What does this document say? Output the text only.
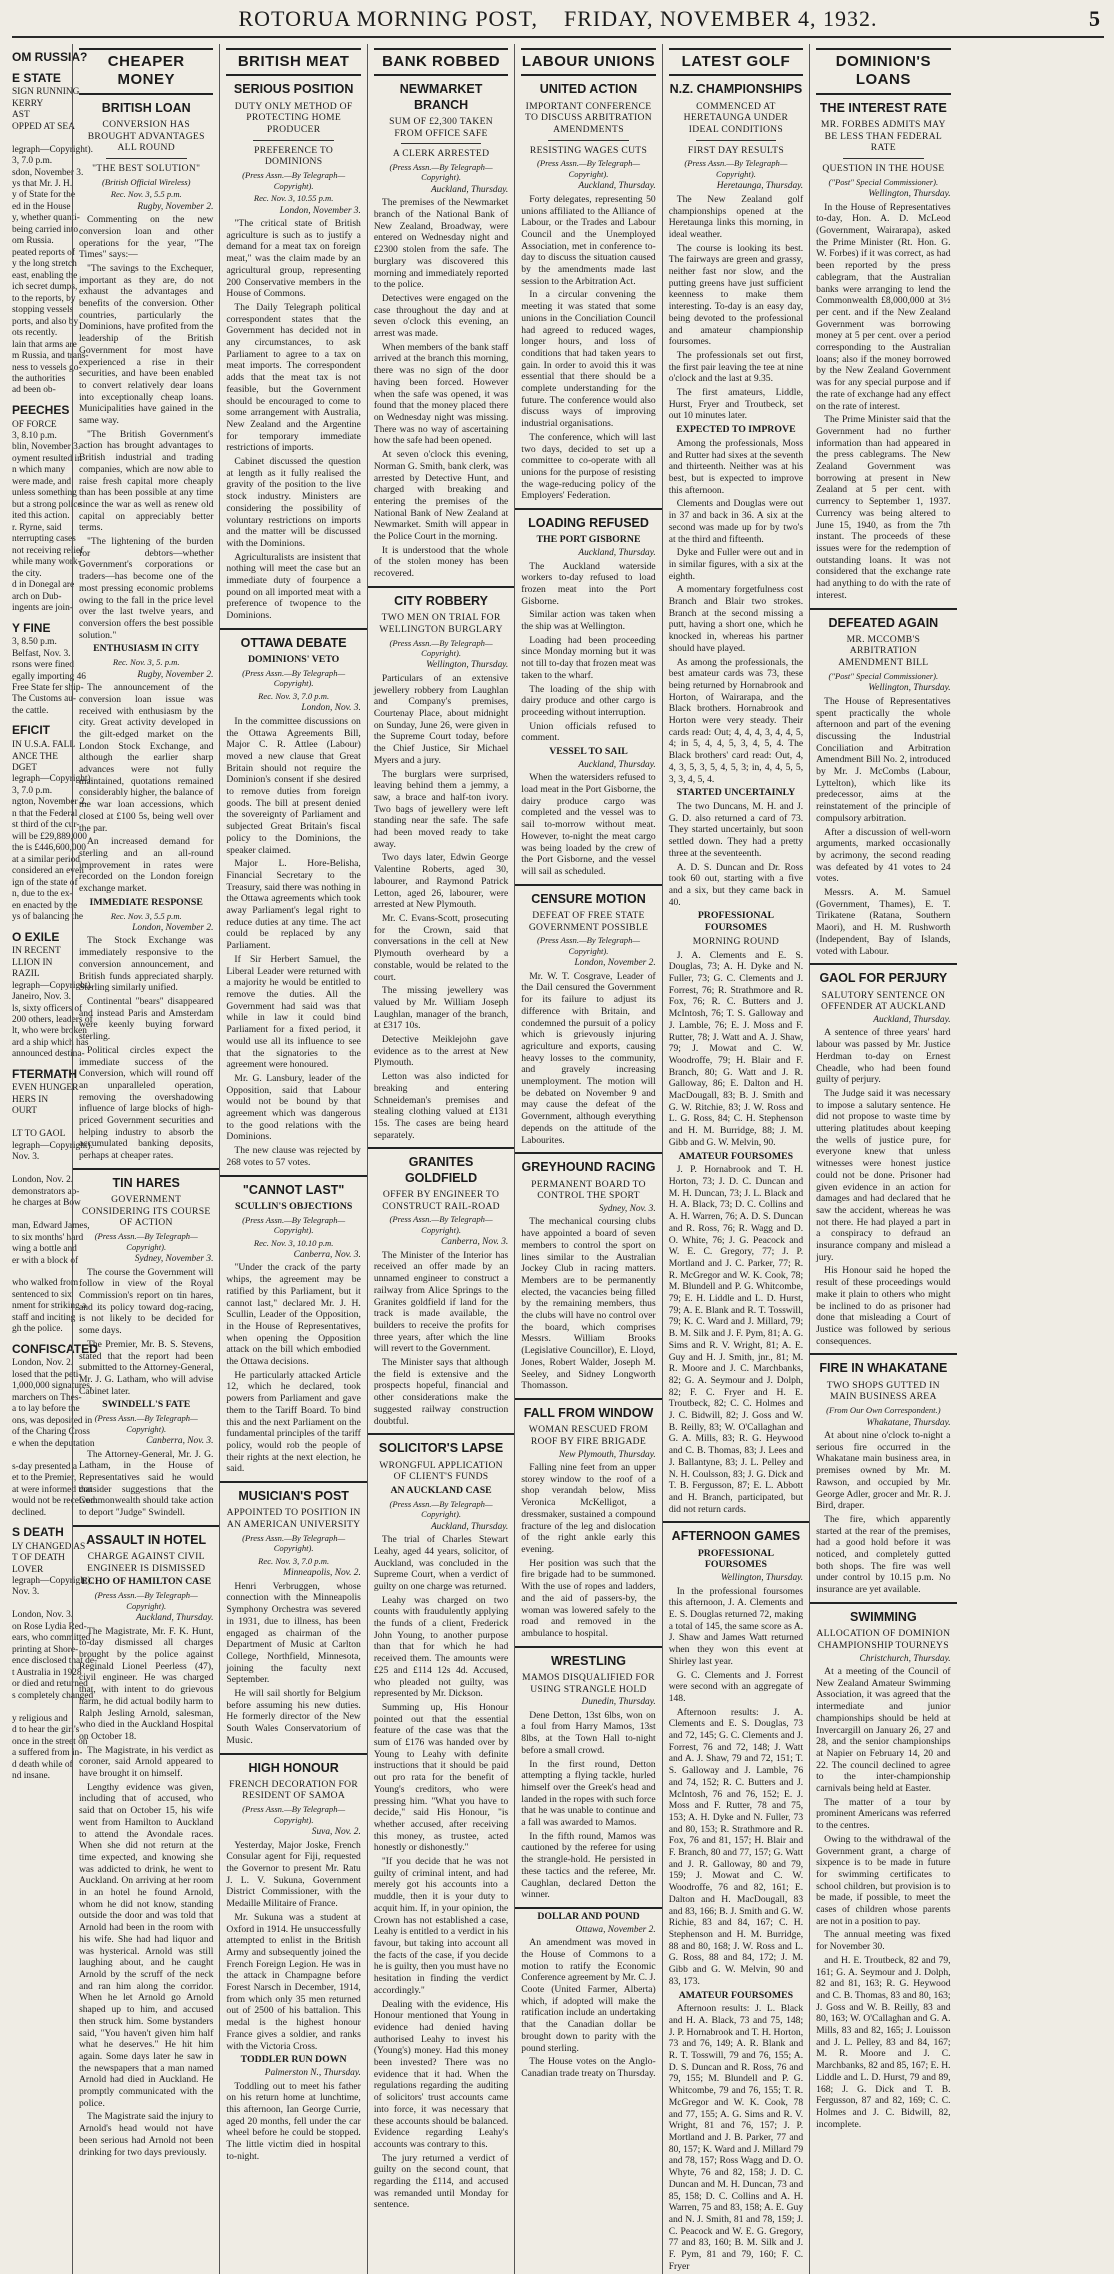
ROTORUA MORNING POST, FRIDAY, NOVEMBER 4, 1932.	5
OM RUSSIA?
E STATE
SIGN RUNNING
KERRY
AST
OPPED AT SEA

legraph—Copyright).
3, 7.0 p.m.
sdon, November 3.
ys that Mr. J. H.
y of State for the
ed in the House
y, whether quanti-
being carried into
om Russia.
peated reports of
y the long stretch
east, enabling the
ich secret dumps,
to the reports, by
stopping vessels
ports, and also by
ots recently.
lain that arms are
m Russia, and trans-
ness to vessels go-
the authorities
ad been ob-
PEECHES
OF FORCE
3, 8.10 p.m.
blin, November 3.
oyment resulted in
n which many
were made, and
unless something
but a strong police
ited this action.
r. Ryrne, said
nterrupting cases
not receiving relief
while many work-
the city.
d in Donegal are
arch on Dub-
ingents are join-
Y FINE
3, 8.50 p.m.
Belfast, Nov. 3.
rsons were fined
egally importing 46
Free State fer ship-
The Customs au-
the cattle.
EFICIT
IN U.S.A. FALL
ANCE THE
DGET
legraph—Copyright).
3, 7.0 p.m.
ngton, November 2.
n that the Federal
st third of the cur-
will be £29,889,000
the is £446,600,000
at a similar period
considered an even
ign of the state of
n, due to the ex-
en enacted by the
ys of balancing the
O EXILE
IN RECENT
LLION IN
RAZIL
legraph—Copyright).
Janeiro, Nov. 3.
ls, sixty officers of
200 others, leaders of
lt, who were broken
ard a ship which has
announced destina-
FTERMATH
EVEN HUNGER
HERS IN
OURT

LT TO GAOL
legraph—Copyright).
Nov. 3.

London, Nov. 2.
demonstrators ap-
he charges at Bow

man, Edward James,
to six months' hard
wing a bottle and
er with a block of

who walked from
sentenced to six
nment for striking a
staff and inciting
gh the police.
CONFISCATED
London, Nov. 2.
losed that the peti-
1,000,000 signatures,
marchers on Thes-
a to lay before the
ons, was deposited in
of the Charing Cross
e when the deputation

s-day presented a
et to the Premier,
at were informed that
would not be received.
declined.
S DEATH
LY CHANGED AS
T OF DEATH
LOVER
legraph—Copyright).
Nov. 3.

London, Nov. 3.
on Rose Lydia Red-
ears, who committed
printing at Shore-
ence disclosed that de-
t Australia in 1928
or died and returned
s completely changed

y religious and
d to hear the girl's
once in the street on
a suffered from in-
d death while of
nd insane.
CHEAPER MONEY
BRITISH LOAN
CONVERSION HAS BROUGHT ADVANTAGES ALL ROUND
"THE BEST SOLUTION"
(British Official Wireless)
Rec. Nov. 3, 5.5 p.m.
Rugby, November 2.

Commenting on the new conversion loan and other operations for the year, "The Times" says:—

"The savings to the Exchequer, important as they are, do not exhaust the advantages and benefits of the conversion. Other countries, particularly the Dominions, have profited from the leadership of the British Government for most have experienced a rise in their securities, and have been enabled to convert relatively dear loans into exceptionally cheap loans. Municipalities have gained in the same way.

"The British Government's action has brought advantages to British industrial and trading companies, which are now able to raise fresh capital more cheaply than has been possible at any time since the war as well as renew old capital on appreciably better terms.

"The lightening of the burden for debtors—whether Government's corporations or traders—has become one of the most pressing economic problems owing to the fall in the price level over the last twelve years, and conversion offers the best possible solution."

ENTHUSIASM IN CITY
Rec. Nov. 3, 5. p.m.
Rugby, November 2.

The announcement of the conversion loan issue was received with enthusiasm by the city. Great activity developed in the gilt-edged market on the London Stock Exchange, and although the earlier sharp advances were not fully maintained, quotations remained considerably higher, the balance of the war loan accessions, which closed at £100 5s, being well over the par.

An increased demand for sterling and an all-round improvement in rates were recorded on the London foreign exchange market.

IMMEDIATE RESPONSE
Rec. Nov. 3, 5.5 p.m.
London, November 2.

The Stock Exchange was immediately responsive to the conversion announcement, and British funds appreciated sharply. Sterling similarly unified.

Continental "bears" disappeared and instead Paris and Amsterdam were keenly buying forward sterling.

Political circles expect the immediate success of the Conversion, which will round off an unparalleled operation, removing the overshadowing influence of large blocks of high-priced Government securities and helping industry to absorb the accumulated banking deposits, perhaps at cheaper rates.

TIN HARES
GOVERNMENT CONSIDERING ITS COURSE OF ACTION
(Press Assn.—By Telegraph—Copyright).
Sydney, November 3.

The course the Government will follow in view of the Royal Commission's report on tin hares, and its policy toward dog-racing, is not likely to be decided for some days.

The Premier, Mr. B. S. Stevens, stated that the report had been submitted to the Attorney-General, Mr. J. G. Latham, who will advise Cabinet later.

SWINDELL'S FATE
(Press Assn.—By Telegraph—Copyright).
Canberra, Nov. 3.

The Attorney-General, Mr. J. G. Latham, in the House of Representatives said he would consider suggestions that the Commonwealth should take action to deport "Judge" Swindell.

ASSAULT IN HOTEL
CHARGE AGAINST CIVIL ENGINEER IS DISMISSED
ECHO OF HAMILTON CASE
(Press Assn.—By Telegraph—Copyright).
Auckland, Thursday.

The Magistrate, Mr. F. K. Hunt, to-day dismissed all charges brought by the police against Reginald Lionel Peerless (47), civil engineer. He was charged that, with intent to do grievous harm, he did actual bodily harm to Ralph Jesling Arnold, salesman, who died in the Auckland Hospital on October 18.

The Magistrate, in his verdict as coroner, said Arnold appeared to have brought it on himself.

Lengthy evidence was given, including that of accused, who said that on October 15, his wife went from Hamilton to Auckland to attend the Avondale races. When she did not return at the time expected, and knowing she was addicted to drink, he went to Auckland. On arriving at her room in an hotel he found Arnold, whom he did not know, standing outside the door and was told that Arnold had been in the room with his wife. She had had liquor and was hysterical. Arnold was still laughing about, and he caught Arnold by the scruff of the neck and ran him along the corridor. When he let Arnold go Arnold shaped up to him, and accused then struck him. Some bystanders said, "You haven't given him half what he deserves." He hit him again. Some days later he saw in the newspapers that a man named Arnold had died in Auckland. He promptly communicated with the police.

The Magistrate said the injury to Arnold's head would not have been serious had Arnold not been drinking for two days previously.

BRITISH MEAT
SERIOUS POSITION
DUTY ONLY METHOD OF PROTECTING HOME PRODUCER
PREFERENCE TO DOMINIONS
(Press Assn.—By Telegraph—Copyright).
Rec. Nov. 3, 10.55 p.m.
London, November 3.

"The critical state of British agriculture is such as to justify a demand for a meat tax on foreign meat," was the claim made by an agricultural group, representing 200 Conservative members in the House of Commons.

The Daily Telegraph political correspondent states that the Government has decided not in any circumstances, to ask Parliament to agree to a tax on meat imports. The correspondent adds that the meat tax is not feasible, but the Government should be encouraged to come to some arrangement with Australia, New Zealand and the Argentine for temporary immediate restrictions of imports.

Cabinet discussed the question at length as it fully realised the gravity of the position to the live stock industry. Ministers are considering the possibility of voluntary restrictions on imports and the matter will be discussed with the Dominions.

Agriculturalists are insistent that nothing will meet the case but an immediate duty of fourpence a pound on all imported meat with a preference of twopence to the Dominions.

OTTAWA DEBATE
DOMINIONS' VETO
(Press Assn.—By Telegraph—Copyright).
Rec. Nov. 3, 7.0 p.m.
London, Nov. 3.

In the committee discussions on the Ottawa Agreements Bill, Major C. R. Attlee (Labour) moved a new clause that Great Britain should not require the Dominion's consent if she desired to remove duties from foreign goods. The bill at present denied the sovereignty of Parliament and subjected Great Britain's fiscal policy to the Dominions, the speaker claimed.

Major L. Hore-Belisha, Financial Secretary to the Treasury, said there was nothing in the Ottawa agreements which took away Parliament's legal right to reduce duties at any time. The act could be replaced by any Parliament.

If Sir Herbert Samuel, the Liberal Leader were returned with a majority he would be entitled to remove the duties. All the Government had said was that while in law it could bind Parliament for a fixed period, it would use all its influence to see that the signatories to the agreement were honoured.

Mr. G. Lansbury, leader of the Opposition, said that Labour would not be bound by that agreement which was dangerous to the good relations with the Dominions.

The new clause was rejected by 268 votes to 57 votes.

"CANNOT LAST"
SCULLIN'S OBJECTIONS
(Press Assn.—By Telegraph—Copyright).
Rec. Nov. 3, 10.10 p.m.
Canberra, Nov. 3.

"Under the crack of the party whips, the agreement may be ratified by this Parliament, but it cannot last," declared Mr. J. H. Scullin, Leader of the Opposition, in the House of Representatives, when opening the Opposition attack on the bill which embodied the Ottawa decisions.

He particularly attacked Article 12, which he declared, took powers from Parliament and gave them to the Tariff Board. To bind this and the next Parliament on the fundamental principles of the tariff policy, would rob the people of their rights at the next election, he said.

MUSICIAN'S POST
APPOINTED TO POSITION IN AN AMERICAN UNIVERSITY
(Press Assn.—By Telegraph—Copyright).
Rec. Nov. 3, 7.0 p.m.
Minneapolis, Nov. 2.

Henri Verbruggen, whose connection with the Minneapolis Symphony Orchestra was severed in 1931, due to illness, has been engaged as chairman of the Department of Music at Carlton College, Northfield, Minnesota, joining the faculty next September.

He will sail shortly for Belgium before assuming his new duties. He formerly director of the New South Wales Conservatorium of Music.

HIGH HONOUR
FRENCH DECORATION FOR RESIDENT OF SAMOA
(Press Assn.—By Telegraph—Copyright).
Suva, Nov. 2.

Yesterday, Major Joske, French Consular agent for Fiji, requested the Governor to present Mr. Ratu J. L. V. Sukuna, Government District Commissioner, with the Medaille Militaire of France.

Mr. Sukuna was a student at Oxford in 1914. He unsuccessfully attempted to enlist in the British Army and subsequently joined the French Foreign Legion. He was in the attack in Champagne before Forest Narsch in December, 1914, from which only 35 men returned out of 2500 of his battalion. This medal is the highest honour France gives a soldier, and ranks with the Victoria Cross.

TODDLER RUN DOWN
Palmerston N., Thursday.

Toddling out to meet his father on his return home at lunchtime, this afternoon, Ian George Currie, aged 20 months, fell under the car wheel before he could be stopped. The little victim died in hospital to-night.

BANK ROBBED
NEWMARKET BRANCH
SUM OF £2,300 TAKEN FROM OFFICE SAFE
A CLERK ARRESTED
(Press Assn.—By Telegraph—Copyright).
Auckland, Thursday.

The premises of the Newmarket branch of the National Bank of New Zealand, Broadway, were entered on Wednesday night and £2300 stolen from the safe. The burglary was discovered this morning and immediately reported to the police.

Detectives were engaged on the case throughout the day and at seven o'clock this evening, an arrest was made.

When members of the bank staff arrived at the branch this morning, there was no sign of the door having been forced. However when the safe was opened, it was found that the money placed there on Wednesday night was missing. There was no way of ascertaining how the safe had been opened.

At seven o'clock this evening, Norman G. Smith, bank clerk, was arrested by Detective Hunt, and charged with breaking and entering the premises of the National Bank of New Zealand at Newmarket. Smith will appear in the Police Court in the morning.

It is understood that the whole of the stolen money has been recovered.

CITY ROBBERY
TWO MEN ON TRIAL FOR WELLINGTON BURGLARY
(Press Assn.—By Telegraph—Copyright).
Wellington, Thursday.

Particulars of an extensive jewellery robbery from Laughlan and Company's premises, Courtenay Place, about midnight on Sunday, June 26, were given in the Supreme Court today, before the Chief Justice, Sir Michael Myers and a jury.

The burglars were surprised, leaving behind them a jemmy, a saw, a brace and half-ton ivory. Two bags of jewellery were left standing near the safe. The safe had been moved ready to take away.

Two days later, Edwin George Valentine Roberts, aged 30, labourer, and Raymond Patrick Letton, aged 26, labourer, were arrested at New Plymouth.

Mr. C. Evans-Scott, prosecuting for the Crown, said that conversations in the cell at New Plymouth overheard by a constable, would be related to the court.

The missing jewellery was valued by Mr. William Joseph Laughlan, manager of the branch, at £317 10s.

Detective Meiklejohn gave evidence as to the arrest at New Plymouth.

Letton was also indicted for breaking and entering Schneideman's premises and stealing clothing valued at £131 15s. The cases are being heard separately.

GRANITES GOLDFIELD
OFFER BY ENGINEER TO CONSTRUCT RAIL-ROAD
(Press Assn.—By Telegraph—Copyright).
Canberra, Nov. 3.

The Minister of the Interior has received an offer made by an unnamed engineer to construct a railway from Alice Springs to the Granites goldfield if land for the track is made available, the builders to receive the profits for three years, after which the line will revert to the Government.

The Minister says that although the field is extensive and the prospects hopeful, financial and other considerations make the suggested railway construction doubtful.

SOLICITOR'S LAPSE
WRONGFUL APPLICATION OF CLIENT'S FUNDS
AN AUCKLAND CASE
(Press Assn.—By Telegraph—Copyright).
Auckland, Thursday.

The trial of Charles Stewart Leahy, aged 44 years, solicitor, of Auckland, was concluded in the Supreme Court, when a verdict of guilty on one charge was returned.

Leahy was charged on two counts with fraudulently applying the funds of a client, Frederick John Young, to another purpose than that for which he had received them. The amounts were £25 and £114 12s 4d. Accused, who pleaded not guilty, was represented by Mr. Dickson.

Summing up, His Honour pointed out that the essential feature of the case was that the sum of £176 was handed over by Young to Leahy with definite instructions that it should be paid out pro rata for the benefit of Young's creditors, who were pressing him. "What you have to decide," said His Honour, "is whether accused, after receiving this money, as trustee, acted honestly or dishonestly."

"If you decide that he was not guilty of criminal intent, and had merely got his accounts into a muddle, then it is your duty to acquit him. If, in your opinion, the Crown has not established a case, Leahy is entitled to a verdict in his favour, but taking into account all the facts of the case, if you decide he is guilty, then you must have no hesitation in finding the verdict accordingly."

Dealing with the evidence, His Honour mentioned that Young in evidence had denied having authorised Leahy to invest his (Young's) money. Had this money been invested? There was no evidence that it had. When the regulations regarding the auditing of solicitors' trust accounts came into force, it was necessary that these accounts should be balanced. Evidence regarding Leahy's accounts was contrary to this.

The jury returned a verdict of guilty on the second count, that regarding the £114, and accused was remanded until Monday for sentence.

LABOUR UNIONS
UNITED ACTION
IMPORTANT CONFERENCE TO DISCUSS ARBITRATION AMENDMENTS
RESISTING WAGES CUTS
(Press Assn.—By Telegraph—Copyright).
Auckland, Thursday.

Forty delegates, representing 50 unions affiliated to the Alliance of Labour, or the Trades and Labour Council and the Unemployed Association, met in conference to-day to discuss the situation caused by the amendments made last session to the Arbitration Act.

In a circular convening the meeting it was stated that some unions in the Conciliation Council had agreed to reduced wages, longer hours, and loss of conditions that had taken years to gain. In order to avoid this it was essential that there should be a complete understanding for the future. The conference would also discuss ways of improving industrial organisations.

The conference, which will last two days, decided to set up a committee to co-operate with all unions for the purpose of resisting the wage-reducing policy of the Employers' Federation.

LOADING REFUSED
THE PORT GISBORNE
Auckland, Thursday.

The Auckland waterside workers to-day refused to load frozen meat into the Port Gisborne.

Similar action was taken when the ship was at Wellington.

Loading had been proceeding since Monday morning but it was not till to-day that frozen meat was taken to the wharf.

The loading of the ship with dairy produce and other cargo is proceeding without interruption.

Union officials refused to comment.

VESSEL TO SAIL
Auckland, Thursday.

When the watersiders refused to load meat in the Port Gisborne, the dairy produce cargo was completed and the vessel was to sail to-morrow without meat. However, to-night the meat cargo was being loaded by the crew of the Port Gisborne, and the vessel will sail as scheduled.

CENSURE MOTION
DEFEAT OF FREE STATE GOVERNMENT POSSIBLE
(Press Assn.—By Telegraph—Copyright).
London, November 2.

Mr. W. T. Cosgrave, Leader of the Dail censured the Government for its failure to adjust its difference with Britain, and condemned the pursuit of a policy which is grievously injuring agriculture and exports, causing heavy losses to the community, and gravely increasing unemployment. The motion will be debated on November 9 and may cause the defeat of the Government, although everything depends on the attitude of the Labourites.

GREYHOUND RACING
PERMANENT BOARD TO CONTROL THE SPORT
Sydney, Nov. 3.

The mechanical coursing clubs have appointed a board of seven members to control the sport on lines similar to the Australian Jockey Club in racing matters. Members are to be permanently elected, the vacancies being filled by the remaining members, thus the clubs will have no control over the board, which comprises Messrs. William Brooks (Legislative Councillor), E. Lloyd, Jones, Robert Walder, Joseph M. Seeley, and Sidney Longworth Thomasson.

FALL FROM WINDOW
WOMAN RESCUED FROM ROOF BY FIRE BRIGADE
New Plymouth, Thursday.

Falling nine feet from an upper storey window to the roof of a shop verandah below, Miss Veronica McKelligot, a dressmaker, sustained a compound fracture of the leg and dislocation of the right ankle early this evening.

Her position was such that the fire brigade had to be summoned. With the use of ropes and ladders, and the aid of passers-by, the woman was lowered safely to the road and removed in the ambulance to hospital.

WRESTLING
MAMOS DISQUALIFIED FOR USING STRANGLE HOLD
Dunedin, Thursday.

Dene Detton, 13st 6lbs, won on a foul from Harry Mamos, 13st 8lbs, at the Town Hall to-night before a small crowd.

In the first round, Detton attempting a flying tackle, hurled himself over the Greek's head and landed in the ropes with such force that he was unable to continue and a fall was awarded to Mamos.

In the fifth round, Mamos was cautioned by the referee for using the strangle-hold. He persisted in these tactics and the referee, Mr. Caughlan, declared Detton the winner.

DOLLAR AND POUND
Ottawa, November 2.

An amendment was moved in the House of Commons to a motion to ratify the Economic Conference agreement by Mr. C. J. Coote (United Farmer, Alberta) which, if adopted will make the ratification include an undertaking that the Canadian dollar be brought down to parity with the pound sterling.

The House votes on the Anglo-Canadian trade treaty on Thursday.

LATEST GOLF
N.Z. CHAMPIONSHIPS
COMMENCED AT HERETAUNGA UNDER IDEAL CONDITIONS
FIRST DAY RESULTS
(Press Assn.—By Telegraph—Copyright).
Heretaunga, Thursday.

The New Zealand golf championships opened at the Heretaunga links this morning, in ideal weather.

The course is looking its best. The fairways are green and grassy, neither fast nor slow, and the putting greens have just sufficient keenness to make them interesting. To-day is an easy day, being devoted to the professional and amateur championship foursomes.

The professionals set out first, the first pair leaving the tee at nine o'clock and the last at 9.35.

The first amateurs, Liddle, Hurst, Fryer and Troutbeck, set out 10 minutes later.

EXPECTED TO IMPROVE

Among the professionals, Moss and Rutter had sixes at the seventh and thirteenth. Neither was at his best, but is expected to improve this afternoon.

Clements and Douglas were out in 37 and back in 36. A six at the second was made up for by two's at the third and fifteenth.

Dyke and Fuller were out and in in similar figures, with a six at the eighth.

A momentary forgetfulness cost Branch and Blair two strokes. Branch at the second missing a putt, having a short one, which he knocked in, whereas his partner should have played.

As among the professionals, the best amateur cards was 73, these being returned by Hornabrook and Horton, of Wairarapa, and the Black brothers. Hornabrook and Horton were very steady. Their cards read: Out; 4, 4, 4, 3, 4, 4, 5, 4; in 5, 4, 4, 5, 3, 4, 5, 4. The Black brothers' card read: Out, 4, 4, 3, 5, 3, 5, 4, 5, 3; in, 4, 4, 5, 5, 3, 3, 4, 5, 4.

STARTED UNCERTAINLY

The two Duncans, M. H. and J. G. D. also returned a card of 73. They started uncertainly, but soon settled down. They had a pretty three at the seventeenth.

A. D. S. Duncan and Dr. Ross took 60 out, starting with a five and a six, but they came back in 40.

PROFESSIONAL FOURSOMES
MORNING ROUND

J. A. Clements and E. S. Douglas, 73; A. H. Dyke and N. Fuller, 73; G. C. Clements and J. Forrest, 76; R. Strathmore and R. Fox, 76; R. C. Butters and J. McIntosh, 76; T. S. Galloway and J. Lamble, 76; E. J. Moss and F. Rutter, 78; J. Watt and A. J. Shaw, 79; J. Mowat and C. W. Woodroffe, 79; H. Blair and F. Branch, 80; G. Watt and J. R. Galloway, 86; E. Dalton and H. MacDougall, 83; B. J. Smith and G. W. Ritchie, 83; J. W. Ross and L. G. Ross, 84; C. H. Stephenson and H. M. Burridge, 88; J. M. Gibb and G. W. Melvin, 90.

AMATEUR FOURSOMES

J. P. Hornabrook and T. H. Horton, 73; J. D. C. Duncan and M. H. Duncan, 73; J. L. Black and H. A. Black, 73; D. C. Collins and A. H. Warren, 76; A. D. S. Duncan and R. Ross, 76; R. Wagg and D. O. White, 76; J. G. Peacock and W. E. C. Gregory, 77; J. P. Mortland and J. C. Parker, 77; R. R. McGregor and W. K. Cook, 78; M. Blundell and P. G. Whitcombe, 79; E. H. Liddle and L. D. Hurst, 79; A. E. Blank and R. T. Tosswill, 79; K. C. Ward and J. Millard, 79; B. M. Silk and J. F. Pym, 81; A. G. Sims and R. V. Wright, 81; A. E. Guy and H. J. Smith, jnr., 81; M. R. Moore and J. C. Marchbanks, 82; G. A. Seymour and J. Dolph, 82; F. C. Fryer and H. E. Troutbeck, 82; C. C. Holmes and J. C. Bidwill, 82; J. Goss and W. B. Reilly, 83; W. O'Callaghan and G. A. Mills, 83; R. G. Heywood and C. B. Thomas, 83; J. Lees and J. Ballantyne, 83; J. L. Pelley and N. H. Coulsson, 83; J. G. Dick and T. B. Fergusson, 87; E. L. Abbott and H. Branch, participated, but did not return cards.

AFTERNOON GAMES
PROFESSIONAL FOURSOMES
Wellington, Thursday.

In the professional foursomes this afternoon, J. A. Clements and E. S. Douglas returned 72, making a total of 145, the same score as A. J. Shaw and James Watt returned when they won this event at Shirley last year.

G. C. Clements and J. Forrest were second with an aggregate of 148.

Afternoon results: J. A. Clements and E. S. Douglas, 73 and 72, 145; G. C. Clements and J. Forrest, 76 and 72, 148; J. Watt and A. J. Shaw, 79 and 72, 151; T. S. Galloway and J. Lamble, 76 and 74, 152; R. C. Butters and J. McIntosh, 76 and 76, 152; E. J. Moss and F. Rutter, 78 and 75, 153; A. H. Dyke and N. Fuller, 73 and 80, 153; R. Strathmore and R. Fox, 76 and 81, 157; H. Blair and F. Branch, 80 and 77, 157; G. Watt and J. R. Galloway, 80 and 79, 159; J. Mowat and C. W. Woodroffe, 76 and 82, 161; E. Dalton and H. MacDougall, 83 and 83, 166; B. J. Smith and G. W. Richie, 83 and 84, 167; C. H. Stephenson and H. M. Burridge, 88 and 80, 168; J. W. Ross and L. G. Ross, 88 and 84, 172; J. M. Gibb and G. W. Melvin, 90 and 83, 173.

AMATEUR FOURSOMES

Afternoon results: J. L. Black and H. A. Black, 73 and 75, 148; J. P. Hornabrook and T. H. Horton, 73 and 76, 149; A. R. Blank and R. T. Tosswill, 79 and 76, 155; A. D. S. Duncan and R. Ross, 76 and 79, 155; M. Blundell and P. G. Whitcombe, 79 and 76, 155; T. R. McGregor and W. K. Cook, 78 and 77, 155; A. G. Sims and R. V. Wright, 81 and 76, 157; J. P. Mortland and J. B. Parker, 77 and 80, 157; K. Ward and J. Millard 79 and 78, 157; Ross Wagg and D. O. Whyte, 76 and 82, 158; J. D. C. Duncan and M. H. Duncan, 73 and 85, 158; D. C. Collins and A. H. Warren, 75 and 83, 158; A. E. Guy and N. J. Smith, 81 and 78, 159; J. C. Peacock and W. E. G. Gregory, 77 and 83, 160; B. M. Silk and J. F. Pym, 81 and 79, 160; F. C. Fryer

DOMINION'S LOANS
THE INTEREST RATE
MR. FORBES ADMITS MAY BE LESS THAN FEDERAL RATE
QUESTION IN THE HOUSE
("Post" Special Commissioner).
Wellington, Thursday.

In the House of Representatives to-day, Hon. A. D. McLeod (Government, Wairarapa), asked the Prime Minister (Rt. Hon. G. W. Forbes) if it was correct, as had been reported by the press cablegram, that the Australian banks were arranging to lend the Commonwealth £8,000,000 at 3½ per cent. and if the New Zealand Government was borrowing money at 5 per cent. over a period corresponding to the Australian loans; also if the money borrowed by the New Zealand Government was for any special purpose and if the rate of exchange had any effect on the rate of interest.

The Prime Minister said that the Government had no further information than had appeared in the press cablegrams. The New Zealand Government was borrowing at present in New Zealand at 5 per cent. with currency to September 1, 1937. Currency was being altered to June 15, 1940, as from the 7th instant. The proceeds of these issues were for the redemption of outstanding loans. It was not considered that the exchange rate had anything to do with the rate of interest.

DEFEATED AGAIN
MR. MCCOMB'S ARBITRATION AMENDMENT BILL
("Post" Special Commissioner).
Wellington, Thursday.

The House of Representatives spent practically the whole afternoon and part of the evening discussing the Industrial Conciliation and Arbitration Amendment Bill No. 2, introduced by Mr. J. McCombs (Labour, Lyttelton), which like its predecessor, aims at the reinstatement of the principle of compulsory arbitration.

After a discussion of well-worn arguments, marked occasionally by acrimony, the second reading was defeated by 41 votes to 24 votes.

Messrs. A. M. Samuel (Government, Thames), E. T. Tirikatene (Ratana, Southern Maori), and H. M. Rushworth (Independent, Bay of Islands, voted with Labour.

GAOL FOR PERJURY
SALUTORY SENTENCE ON OFFENDER AT AUCKLAND
Auckland, Thursday.

A sentence of three years' hard labour was passed by Mr. Justice Herdman to-day on Ernest Cheadle, who had been found guilty of perjury.

The Judge said it was necessary to impose a salutary sentence. He did not propose to waste time by uttering platitudes about keeping the wells of justice pure, for everyone knew that unless witnesses were honest justice could not be done. Prisoner had given evidence in an action for damages and had declared that he saw the accident, whereas he was not there. He had played a part in a conspiracy to defraud an insurance company and mislead a jury.

His Honour said he hoped the result of these proceedings would make it plain to others who might be inclined to do as prisoner had done that misleading a Court of Justice was followed by serious consequences.

FIRE IN WHAKATANE
TWO SHOPS GUTTED IN MAIN BUSINESS AREA
(From Our Own Correspondent.)
Whakatane, Thursday.

At about nine o'clock to-night a serious fire occurred in the Whakatane main business area, in premises owned by Mr. M. Rawson, and occupied by Mr. George Adler, grocer and Mr. R. J. Bird, draper.

The fire, which apparently started at the rear of the premises, had a good hold before it was noticed, and completely gutted both shops. The fire was well under control by 10.15 p.m. No insurance are yet available.

SWIMMING
ALLOCATION OF DOMINION CHAMPIONSHIP TOURNEYS
Christchurch, Thursday.

At a meeting of the Council of New Zealand Amateur Swimming Association, it was agreed that the intermediate and junior championships should be held at Invercargill on January 26, 27 and 28, and the senior championships at Napier on February 14, 20 and 22. The council declined to agree to the inter-championship carnivals being held at Easter.

The matter of a tour by prominent Americans was referred to the centres.

Owing to the withdrawal of the Government grant, a charge of sixpence is to be made in future for swimming certificates to school children, but provision is to be made, if possible, to meet the cases of children whose parents are not in a position to pay.

The annual meeting was fixed for November 30.

and H. E. Troutbeck, 82 and 79, 161; G. A. Seymour and J. Dolph, 82 and 81, 163; R. G. Heywood and C. B. Thomas, 83 and 80, 163; J. Goss and W. B. Reilly, 83 and 80, 163; W. O'Callaghan and G. A. Mills, 83 and 82, 165; J. Louisson and J. L. Pelley, 83 and 84, 167; M. R. Moore and J. C. Marchbanks, 82 and 85, 167; E. H. Liddle and L. D. Hurst, 79 and 89, 168; J. G. Dick and T. B. Fergusson, 87 and 82, 169; C. C. Holmes and J. C. Bidwill, 82, incomplete.
